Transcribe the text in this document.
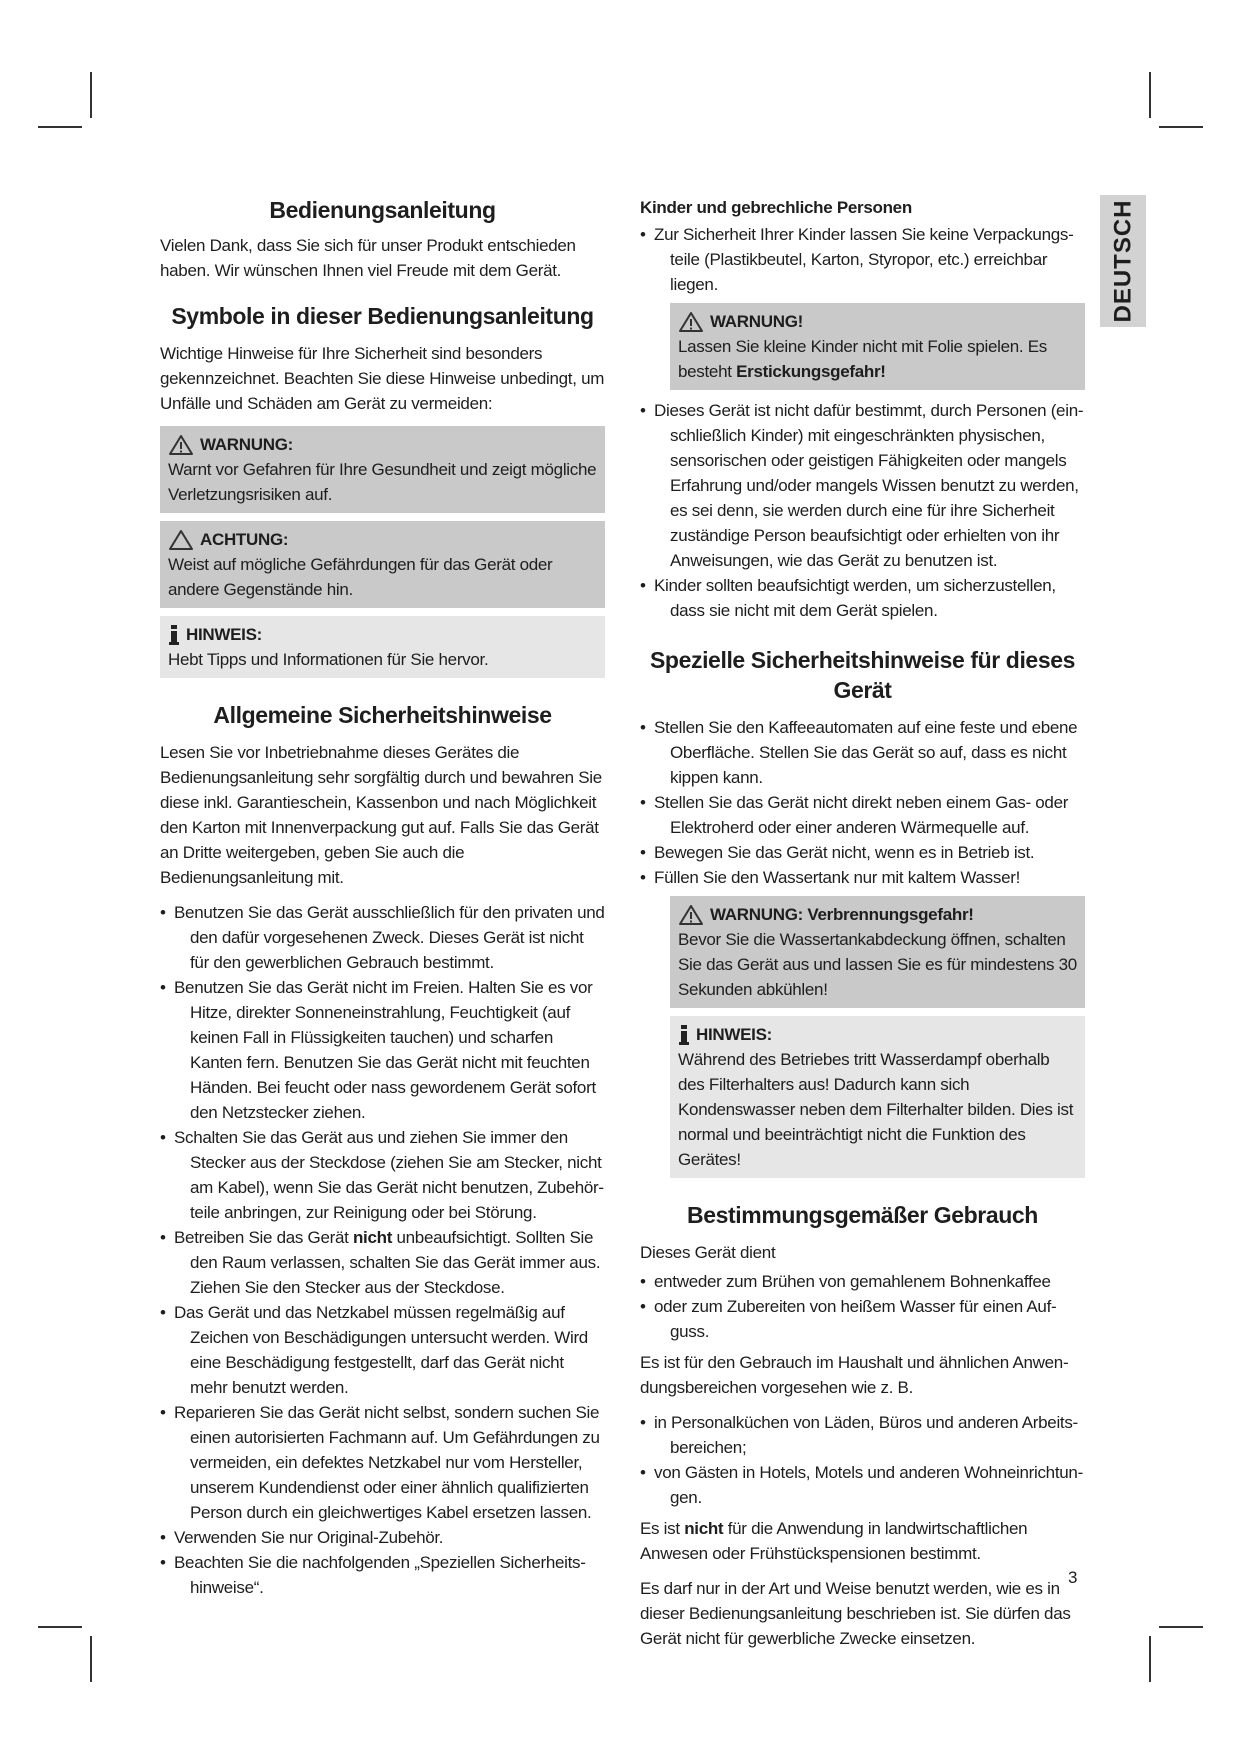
DEUTSCH
Bedienungsanleitung

Vielen Dank, dass Sie sich für unser Produkt entschieden haben. Wir wünschen Ihnen viel Freude mit dem Gerät.

Symbole in dieser Bedienungsanleitung

Wichtige Hinweise für Ihre Sicherheit sind besonders gekennzeichnet. Beachten Sie diese Hinweise unbedingt, um Unfälle und Schäden am Gerät zu vermeiden:

WARNUNG:
Warnt vor Gefahren für Ihre Gesundheit und zeigt mögliche Verletzungsrisiken auf.
ACHTUNG:
Weist auf mögliche Gefährdungen für das Gerät oder andere Gegenstände hin.
HINWEIS:
Hebt Tipps und Informationen für Sie hervor.
Allgemeine Sicherheitshinweise

Lesen Sie vor Inbetriebnahme dieses Gerätes die Bedienungsanleitung sehr sorgfältig durch und bewahren Sie diese inkl. Garantieschein, Kassenbon und nach Möglichkeit den Karton mit Innenverpackung gut auf. Falls Sie das Gerät an Dritte weitergeben, geben Sie auch die Bedienungsanleitung mit.

• Benutzen Sie das Gerät ausschließlich für den privaten und den dafür vorgesehenen Zweck. Dieses Gerät ist nicht für den gewerblichen Gebrauch bestimmt.
• Benutzen Sie das Gerät nicht im Freien. Halten Sie es vor Hitze, direkter Sonneneinstrahlung, Feuchtigkeit (auf keinen Fall in Flüssigkeiten tauchen) und scharfen Kanten fern. Benutzen Sie das Gerät nicht mit feuchten Händen. Bei feucht oder nass gewordenem Gerät sofort den Netzstecker ziehen.
• Schalten Sie das Gerät aus und ziehen Sie immer den Stecker aus der Steckdose (ziehen Sie am Stecker, nicht am Kabel), wenn Sie das Gerät nicht benutzen, Zubehörteile anbringen, zur Reinigung oder bei Störung.
• Betreiben Sie das Gerät nicht unbeaufsichtigt. Sollten Sie den Raum verlassen, schalten Sie das Gerät immer aus. Ziehen Sie den Stecker aus der Steckdose.
• Das Gerät und das Netzkabel müssen regelmäßig auf Zeichen von Beschädigungen untersucht werden. Wird eine Beschädigung festgestellt, darf das Gerät nicht mehr benutzt werden.
• Reparieren Sie das Gerät nicht selbst, sondern suchen Sie einen autorisierten Fachmann auf. Um Gefährdungen zu vermeiden, ein defektes Netzkabel nur vom Hersteller, unserem Kundendienst oder einer ähnlich qualifizierten Person durch ein gleichwertiges Kabel ersetzen lassen.
• Verwenden Sie nur Original-Zubehör.
• Beachten Sie die nachfolgenden „Speziellen Sicherheitshinweise“.
Kinder und gebrechliche Personen
• Zur Sicherheit Ihrer Kinder lassen Sie keine Verpackungsteile (Plastikbeutel, Karton, Styropor, etc.) erreichbar liegen.
WARNUNG!
Lassen Sie kleine Kinder nicht mit Folie spielen. Es besteht Erstickungsgefahr!
• Dieses Gerät ist nicht dafür bestimmt, durch Personen (einschließlich Kinder) mit eingeschränkten physischen, sensorischen oder geistigen Fähigkeiten oder mangels Erfahrung und/oder mangels Wissen benutzt zu werden, es sei denn, sie werden durch eine für ihre Sicherheit zuständige Person beaufsichtigt oder erhielten von ihr Anweisungen, wie das Gerät zu benutzen ist.
• Kinder sollten beaufsichtigt werden, um sicherzustellen, dass sie nicht mit dem Gerät spielen.
Spezielle Sicherheitshinweise für dieses Gerät
• Stellen Sie den Kaffeeautomaten auf eine feste und ebene Oberfläche. Stellen Sie das Gerät so auf, dass es nicht kippen kann.
• Stellen Sie das Gerät nicht direkt neben einem Gas- oder Elektroherd oder einer anderen Wärmequelle auf.
• Bewegen Sie das Gerät nicht, wenn es in Betrieb ist.
• Füllen Sie den Wassertank nur mit kaltem Wasser!
WARNUNG: Verbrennungsgefahr!
Bevor Sie die Wassertankabdeckung öffnen, schalten Sie das Gerät aus und lassen Sie es für mindestens 30 Sekunden abkühlen!
HINWEIS:
Während des Betriebes tritt Wasserdampf oberhalb des Filterhalters aus! Dadurch kann sich Kondenswasser neben dem Filterhalter bilden. Dies ist normal und beeinträchtigt nicht die Funktion des Gerätes!
Bestimmungsgemäßer Gebrauch

Dieses Gerät dient

• entweder zum Brühen von gemahlenem Bohnenkaffee
• oder zum Zubereiten von heißem Wasser für einen Aufguss.

Es ist für den Gebrauch im Haushalt und ähnlichen Anwendungsbereichen vorgesehen wie z. B.

• in Personalküchen von Läden, Büros und anderen Arbeitsbereichen;
• von Gästen in Hotels, Motels und anderen Wohneinrichtungen.

Es ist nicht für die Anwendung in landwirtschaftlichen Anwesen oder Frühstückspensionen bestimmt.

Es darf nur in der Art und Weise benutzt werden, wie es in dieser Bedienungsanleitung beschrieben ist. Sie dürfen das Gerät nicht für gewerbliche Zwecke einsetzen.

3
